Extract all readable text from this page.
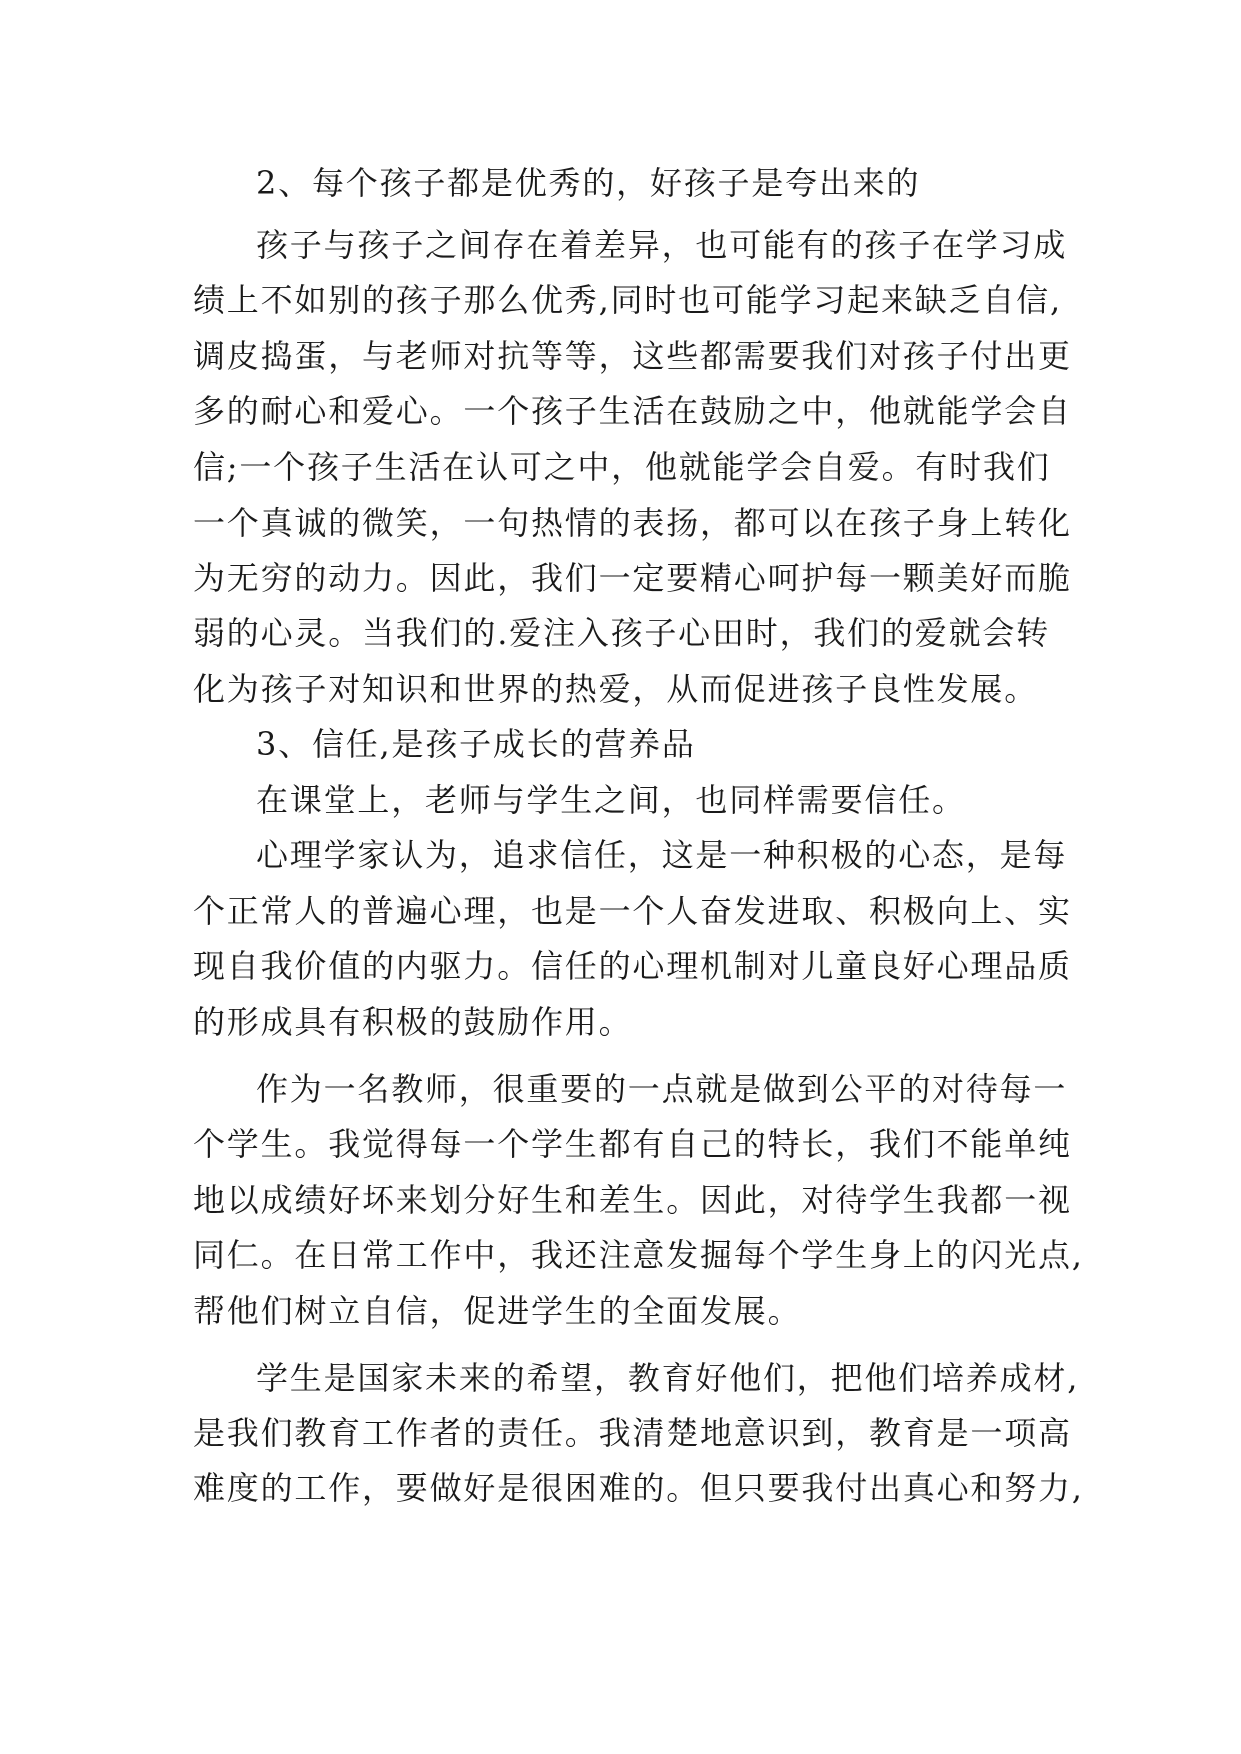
2、每个孩子都是优秀的，好孩子是夸出来的
孩子与孩子之间存在着差异，也可能有的孩子在学习成
绩上不如别的孩子那么优秀,同时也可能学习起来缺乏自信,
调皮捣蛋，与老师对抗等等，这些都需要我们对孩子付出更
多的耐心和爱心。一个孩子生活在鼓励之中，他就能学会自
信;一个孩子生活在认可之中，他就能学会自爱。有时我们
一个真诚的微笑，一句热情的表扬，都可以在孩子身上转化
为无穷的动力。因此，我们一定要精心呵护每一颗美好而脆
弱的心灵。当我们的.爱注入孩子心田时，我们的爱就会转
化为孩子对知识和世界的热爱，从而促进孩子良性发展。
3、信任,是孩子成长的营养品
在课堂上，老师与学生之间，也同样需要信任。
心理学家认为，追求信任，这是一种积极的心态，是每
个正常人的普遍心理，也是一个人奋发进取、积极向上、实
现自我价值的内驱力。信任的心理机制对儿童良好心理品质
的形成具有积极的鼓励作用。
作为一名教师，很重要的一点就是做到公平的对待每一
个学生。我觉得每一个学生都有自己的特长，我们不能单纯
地以成绩好坏来划分好生和差生。因此，对待学生我都一视
同仁。在日常工作中，我还注意发掘每个学生身上的闪光点,
帮他们树立自信，促进学生的全面发展。
学生是国家未来的希望，教育好他们，把他们培养成材,
是我们教育工作者的责任。我清楚地意识到，教育是一项高
难度的工作，要做好是很困难的。但只要我付出真心和努力,
